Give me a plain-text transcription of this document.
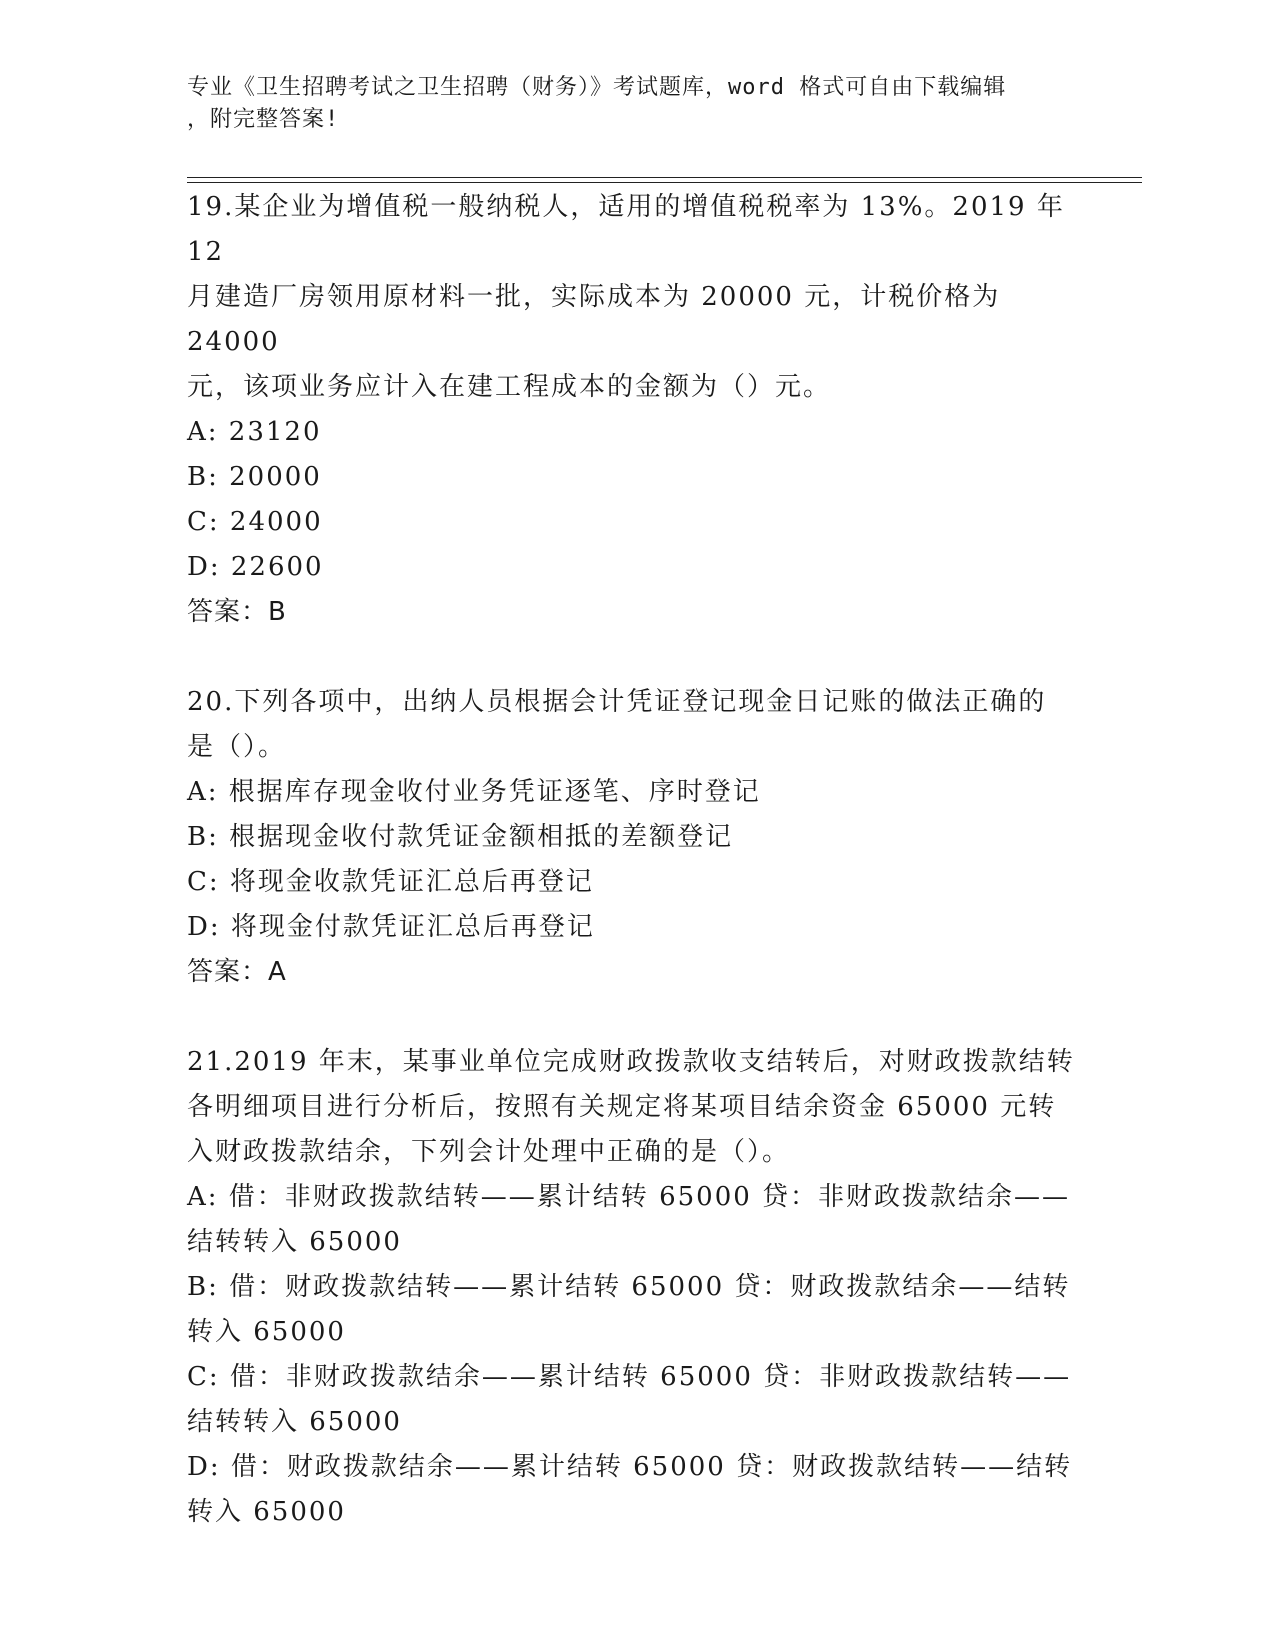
专业《卫生招聘考试之卫生招聘（财务）》考试题库，word 格式可自由下载编辑
，附完整答案!

19.某企业为增值税一般纳税人，适用的增值税税率为 13%。2019 年 12

月建造厂房领用原材料一批，实际成本为 20000 元，计税价格为 24000

元，该项业务应计入在建工程成本的金额为（）元。

A: 23120

B: 20000

C: 24000

D: 22600

答案：B

20.下列各项中，出纳人员根据会计凭证登记现金日记账的做法正确的

是（）。

A: 根据库存现金收付业务凭证逐笔、序时登记

B: 根据现金收付款凭证金额相抵的差额登记

C: 将现金收款凭证汇总后再登记

D: 将现金付款凭证汇总后再登记

答案：A

21.2019 年末，某事业单位完成财政拨款收支结转后，对财政拨款结转

各明细项目进行分析后，按照有关规定将某项目结余资金 65000 元转

入财政拨款结余，下列会计处理中正确的是（）。

A: 借：非财政拨款结转——累计结转 65000 贷：非财政拨款结余——

结转转入 65000

B: 借：财政拨款结转——累计结转 65000 贷：财政拨款结余——结转

转入 65000

C: 借：非财政拨款结余——累计结转 65000 贷：非财政拨款结转——

结转转入 65000

D: 借：财政拨款结余——累计结转 65000 贷：财政拨款结转——结转

转入 65000
